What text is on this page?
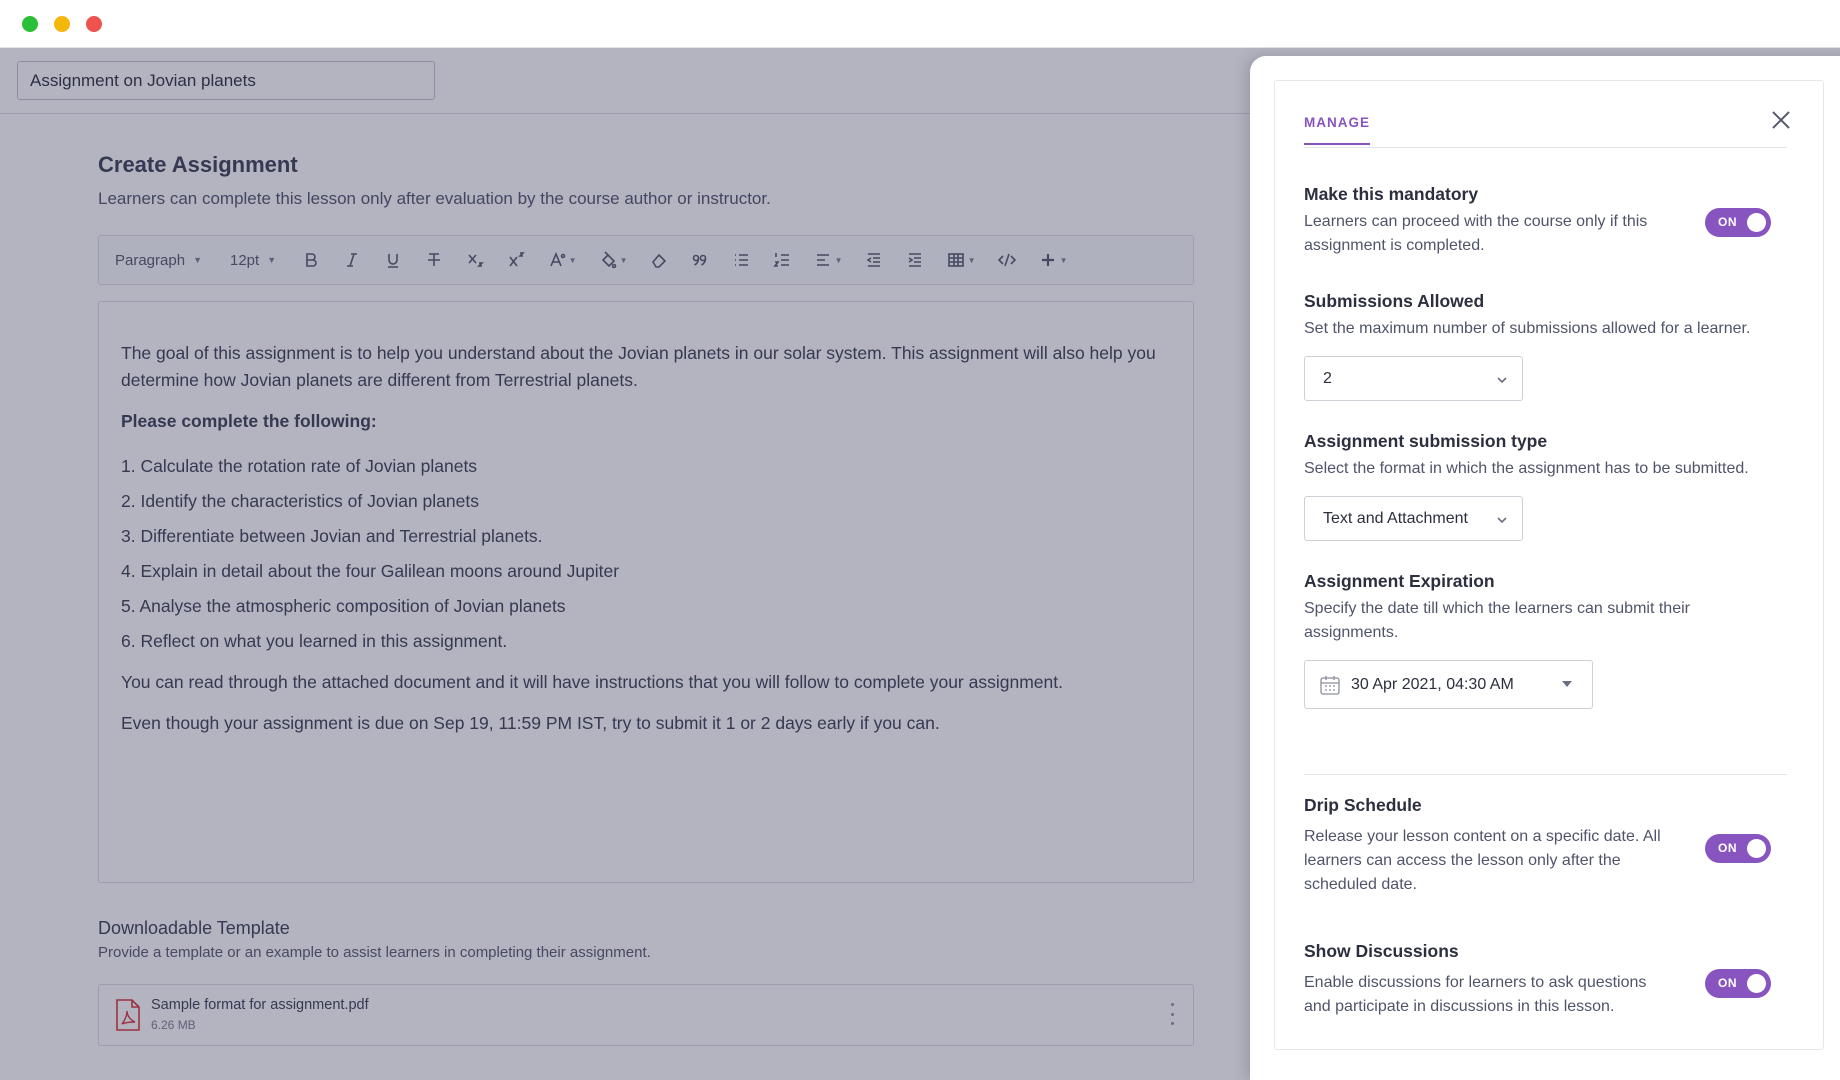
Assignment on Jovian planets
Create Assignment
Learners can complete this lesson only after evaluation by the course author or instructor.
Paragraph ▼ 12pt ▼	▼	▼	▼	▼	▼

The goal of this assignment is to help you understand about the Jovian planets in our solar system. This assignment will also help you determine how Jovian planets are different from Terrestrial planets.

Please complete the following:

1. Calculate the rotation rate of Jovian planets
2. Identify the characteristics of Jovian planets
3. Differentiate between Jovian and Terrestrial planets.
4. Explain in detail about the four Galilean moons around Jupiter
5. Analyse the atmospheric composition of Jovian planets
6. Reflect on what you learned in this assignment.

You can read through the attached document and it will have instructions that you will follow to complete your assignment.

Even though your assignment is due on Sep 19, 11:59 PM IST, try to submit it 1 or 2 days early if you can.

Downloadable Template
Provide a template or an example to assist learners in completing their assignment.
Sample format for assignment.pdf
6.26 MB
MANAGE
Make this mandatory
Learners can proceed with the course only if this assignment is completed.
ON
Submissions Allowed
Set the maximum number of submissions allowed for a learner.
2
Assignment submission type
Select the format in which the assignment has to be submitted.
Text and Attachment
Assignment Expiration
Specify the date till which the learners can submit their assignments.
30 Apr 2021, 04:30 AM
Drip Schedule
Release your lesson content on a specific date. All learners can access the lesson only after the scheduled date.
ON
Show Discussions
Enable discussions for learners to ask questions and participate in discussions in this lesson.
ON
